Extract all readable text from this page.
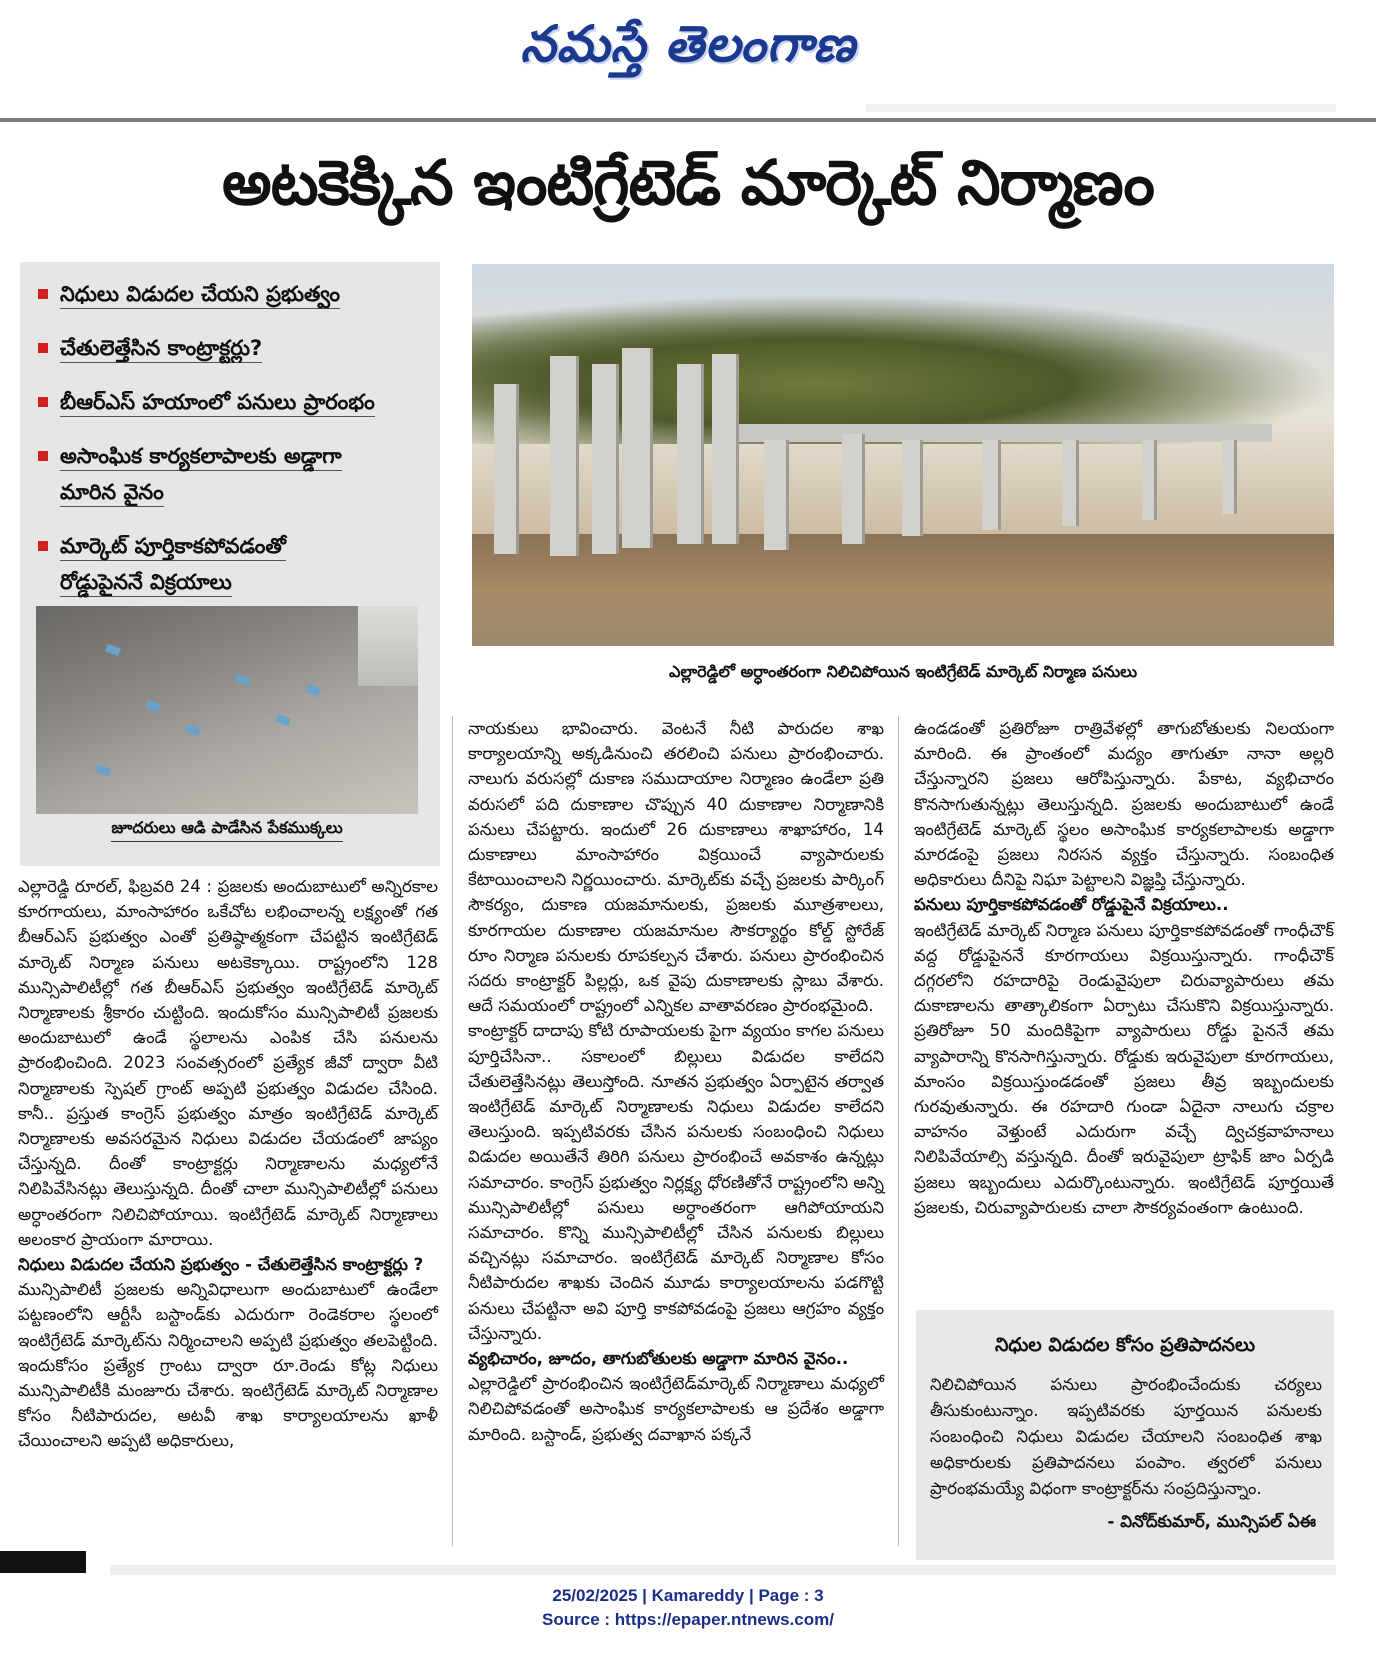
నమస్తే తెలంగాణ
అటకెక్కిన ఇంటిగ్రేటెడ్ మార్కెట్ నిర్మాణం
నిధులు విడుదల చేయని ప్రభుత్వం
చేతులెత్తేసిన కాంట్రాక్టర్లు?
బీఆర్ఎస్ హయాంలో పనులు ప్రారంభం
అసాంఘిక కార్యకలాపాలకు అడ్డాగా
మారిన వైనం
మార్కెట్ పూర్తికాకపోవడంతో
రోడ్డుపైననే విక్రయాలు
జూదరులు ఆడి పాడేసిన పేకముక్కలు
ఎల్లారెడ్డిలో అర్ధాంతరంగా నిలిచిపోయిన ఇంటిగ్రేటెడ్ మార్కెట్ నిర్మాణ పనులు

ఎల్లారెడ్డి రూరల్, ఫిబ్రవరి 24 : ప్రజలకు అందుబాటులో అన్నిరకాల కూరగాయలు, మాంసాహారం ఒకేచోట లభించాలన్న లక్ష్యంతో గత బీఆర్ఎస్ ప్రభుత్వం ఎంతో ప్రతిష్ఠాత్మకంగా చేపట్టిన ఇంటిగ్రేటెడ్ మార్కెట్ నిర్మాణ పనులు అటకెక్కాయి. రాష్ట్రంలోని 128 మున్సిపాలిటీల్లో గత బీఆర్ఎస్ ప్రభుత్వం ఇంటిగ్రేటెడ్ మార్కెట్ నిర్మాణాలకు శ్రీకారం చుట్టింది. ఇందుకోసం మున్సిపాలిటీ ప్రజలకు అందుబాటులో ఉండే స్థలాలను ఎంపిక చేసి పనులను ప్రారంభించింది. 2023 సంవత్సరంలో ప్రత్యేక జీవో ద్వారా వీటి నిర్మాణాలకు స్పెషల్ గ్రాంట్ అప్పటి ప్రభుత్వం విడుదల చేసింది. కానీ.. ప్రస్తుత కాంగ్రెస్ ప్రభుత్వం మాత్రం ఇంటిగ్రేటెడ్ మార్కెట్ నిర్మాణాలకు అవసరమైన నిధులు విడుదల చేయడంలో జాప్యం చేస్తున్నది. దీంతో కాంట్రాక్టర్లు నిర్మాణాలను మధ్యలోనే నిలిపివేసినట్లు తెలుస్తున్నది. దీంతో చాలా మున్సిపాలిటీల్లో పనులు అర్ధాంతరంగా నిలిచిపోయాయి. ఇంటిగ్రేటెడ్ మార్కెట్ నిర్మాణాలు అలంకార ప్రాయంగా మారాయి.

నిధులు విడుదల చేయని ప్రభుత్వం - చేతులెత్తేసిన కాంట్రాక్టర్లు ?

మున్సిపాలిటీ ప్రజలకు అన్నివిధాలుగా అందుబాటులో ఉండేలా పట్టణంలోని ఆర్టీసీ బస్టాండ్‌కు ఎదురుగా రెండెకరాల స్థలంలో ఇంటిగ్రేటెడ్ మార్కెట్‌ను నిర్మించాలని అప్పటి ప్రభుత్వం తలపెట్టింది. ఇందుకోసం ప్రత్యేక గ్రాంటు ద్వారా రూ.రెండు కోట్ల నిధులు మున్సిపాలిటీకి మంజూరు చేశారు. ఇంటిగ్రేటెడ్ మార్కెట్ నిర్మాణాల కోసం నీటిపారుదల, అటవీ శాఖ కార్యాలయాలను ఖాళీ చేయించాలని అప్పటి అధికారులు,

నాయకులు భావించారు. వెంటనే నీటి పారుదల శాఖ కార్యాలయాన్ని అక్కడినుంచి తరలించి పనులు ప్రారంభించారు. నాలుగు వరుసల్లో దుకాణ సముదాయాల నిర్మాణం ఉండేలా ప్రతి వరుసలో పది దుకాణాల చొప్పున 40 దుకాణాల నిర్మాణానికి పనులు చేపట్టారు. ఇందులో 26 దుకాణాలు శాఖాహారం, 14 దుకాణాలు మాంసాహారం విక్రయించే వ్యాపారులకు కేటాయించాలని నిర్ణయించారు. మార్కెట్‌కు వచ్చే ప్రజలకు పార్కింగ్ సౌకర్యం, దుకాణ యజమానులకు, ప్రజలకు మూత్రశాలలు, కూరగాయల దుకాణాల యజమానుల సౌకర్యార్థం కోల్డ్ స్టోరేజ్ రూం నిర్మాణ పనులకు రూపకల్పన చేశారు. పనులు ప్రారంభించిన సదరు కాంట్రాక్టర్ పిల్లర్లు, ఒక వైపు దుకాణాలకు స్లాబు వేశారు. ఆదే సమయంలో రాష్ట్రంలో ఎన్నికల వాతావరణం ప్రారంభమైంది.

కాంట్రాక్టర్ దాదాపు కోటి రూపాయలకు పైగా వ్యయం కాగల పనులు పూర్తిచేసినా.. సకాలంలో బిల్లులు విడుదల కాలేదని చేతులెత్తేసినట్లు తెలుస్తోంది. నూతన ప్రభుత్వం ఏర్పాటైన తర్వాత ఇంటిగ్రేటెడ్ మార్కెట్ నిర్మాణాలకు నిధులు విడుదల కాలేదని తెలుస్తుంది. ఇప్పటివరకు చేసిన పనులకు సంబంధించి నిధులు విడుదల అయితేనే తిరిగి పనులు ప్రారంభించే అవకాశం ఉన్నట్లు సమాచారం. కాంగ్రెస్ ప్రభుత్వం నిర్లక్ష్య ధోరణితోనే రాష్ట్రంలోని అన్ని మున్సిపాలిటీల్లో పనులు అర్ధాంతరంగా ఆగిపోయాయని సమాచారం. కొన్ని మున్సిపాలిటీల్లో చేసిన పనులకు బిల్లులు వచ్చినట్లు సమాచారం. ఇంటిగ్రేటెడ్ మార్కెట్ నిర్మాణాల కోసం నీటిపారుదల శాఖకు చెందిన మూడు కార్యాలయాలను పడగొట్టి పనులు చేపట్టినా అవి పూర్తి కాకపోవడంపై ప్రజలు ఆగ్రహం వ్యక్తం చేస్తున్నారు.

వ్యభిచారం, జూదం, తాగుబోతులకు అడ్డాగా మారిన వైనం..

ఎల్లారెడ్డిలో ప్రారంభించిన ఇంటిగ్రేటెడ్‌మార్కెట్ నిర్మాణాలు మధ్యలో నిలిచిపోవడంతో అసాంఘిక కార్యకలాపాలకు ఆ ప్రదేశం అడ్డాగా మారింది. బస్టాండ్, ప్రభుత్వ దవాఖాన పక్కనే

ఉండడంతో ప్రతిరోజూ రాత్రివేళల్లో తాగుబోతులకు నిలయంగా మారింది. ఈ ప్రాంతంలో మద్యం తాగుతూ నానా అల్లరి చేస్తున్నారని ప్రజలు ఆరోపిస్తున్నారు. పేకాట, వ్యభిచారం కొనసాగుతున్నట్లు తెలుస్తున్నది. ప్రజలకు అందుబాటులో ఉండే ఇంటిగ్రేటెడ్ మార్కెట్ స్థలం అసాంఘిక కార్యకలాపాలకు అడ్డాగా మారడంపై ప్రజలు నిరసన వ్యక్తం చేస్తున్నారు. సంబంధిత అధికారులు దీనిపై నిఘా పెట్టాలని విజ్ఞప్తి చేస్తున్నారు.

పనులు పూర్తికాకపోవడంతో రోడ్డుపైనే విక్రయాలు..

ఇంటిగ్రేటెడ్ మార్కెట్ నిర్మాణ పనులు పూర్తికాకపోవడంతో గాంధీచౌక్ వద్ద రోడ్డుపైననే కూరగాయలు విక్రయిస్తున్నారు. గాంధీచౌక్ దగ్గరలోని రహదారిపై రెండువైపులా చిరువ్యాపారులు తమ దుకాణాలను తాత్కాలికంగా ఏర్పాటు చేసుకొని విక్రయిస్తున్నారు. ప్రతిరోజూ 50 మందికిపైగా వ్యాపారులు రోడ్డు పైననే తమ వ్యాపారాన్ని కొనసాగిస్తున్నారు. రోడ్డుకు ఇరువైపులా కూరగాయలు, మాంసం విక్రయిస్తుండడంతో ప్రజలు తీవ్ర ఇబ్బందులకు గురవుతున్నారు. ఈ రహదారి గుండా ఏదైనా నాలుగు చక్రాల వాహనం వెళ్తుంటే ఎదురుగా వచ్చే ద్విచక్రవాహనాలు నిలిపివేయాల్సి వస్తున్నది. దీంతో ఇరువైపులా ట్రాఫిక్ జాం ఏర్పడి ప్రజలు ఇబ్బందులు ఎదుర్కొంటున్నారు. ఇంటిగ్రేటెడ్ పూర్తయితే ప్రజలకు, చిరువ్యాపారులకు చాలా సౌకర్యవంతంగా ఉంటుంది.

నిధుల విడుదల కోసం ప్రతిపాదనలు
నిలిచిపోయిన పనులు ప్రారంభించేందుకు చర్యలు తీసుకుంటున్నాం. ఇప్పటివరకు పూర్తయిన పనులకు సంబంధించి నిధులు విడుదల చేయాలని సంబంధిత శాఖ అధికారులకు ప్రతిపాదనలు పంపాం. త్వరలో పనులు ప్రారంభమయ్యే విధంగా కాంట్రాక్టర్‌ను సంప్రదిస్తున్నాం.
- వినోద్‌కుమార్, మున్సిపల్ ఏఈ
25/02/2025 | Kamareddy | Page : 3
Source : https://epaper.ntnews.com/
